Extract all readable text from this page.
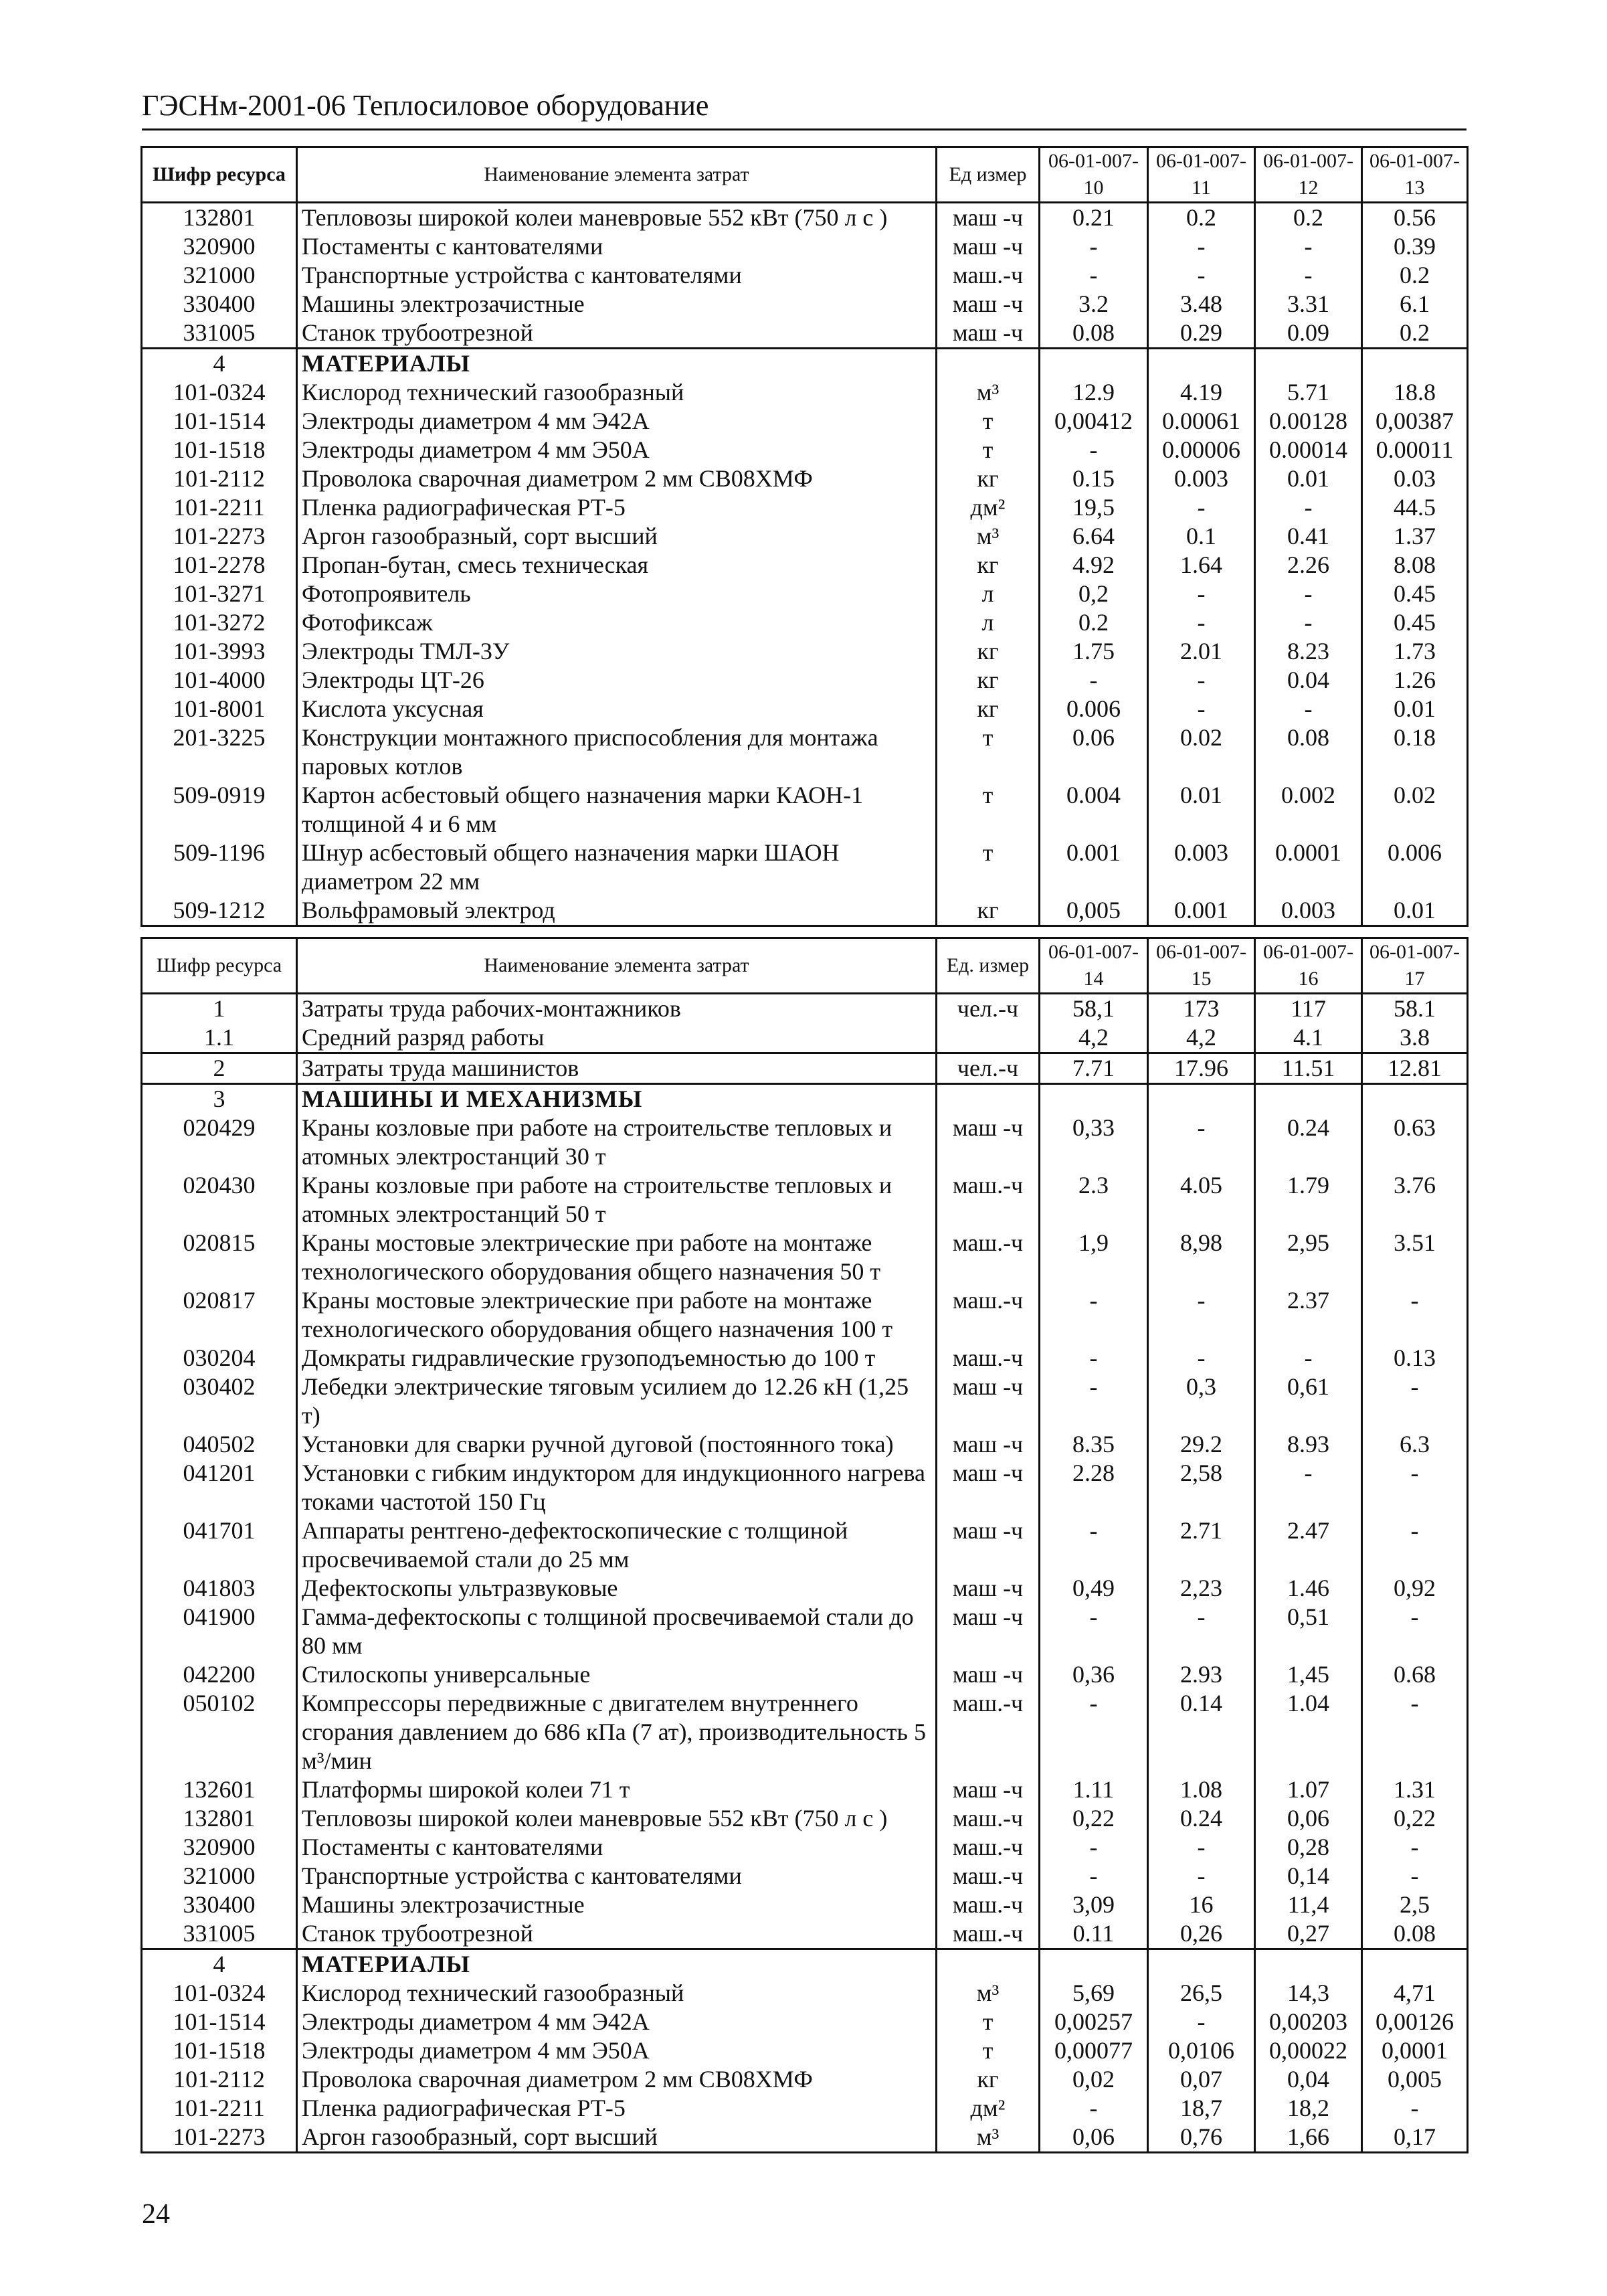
ГЭСНм-2001-06 Теплосиловое оборудование
Шифр ресурса	Наименование элемента затрат	Ед измер	06-01-007-10	06-01-007-11	06-01-007-12	06-01-007-13
132801	Тепловозы широкой колеи маневровые 552 кВт (750 л с )	маш -ч	0.21	0.2	0.2	0.56
320900	Постаменты с кантователями	маш -ч	-	-	-	0.39
321000	Транспортные устройства с кантователями	маш.-ч	-	-	-	0.2
330400	Машины электрозачистные	маш -ч	3.2	3.48	3.31	6.1
331005	Станок трубоотрезной	маш -ч	0.08	0.29	0.09	0.2
4	МАТЕРИАЛЫ					
101-0324	Кислород технический газообразный	м³	12.9	4.19	5.71	18.8
101-1514	Электроды диаметром 4 мм Э42А	т	0,00412	0.00061	0.00128	0,00387
101-1518	Электроды диаметром 4 мм Э50А	т	-	0.00006	0.00014	0.00011
101-2112	Проволока сварочная диаметром 2 мм СВ08ХМФ	кг	0.15	0.003	0.01	0.03
101-2211	Пленка радиографическая РТ-5	дм²	19,5	-	-	44.5
101-2273	Аргон газообразный, сорт высший	м³	6.64	0.1	0.41	1.37
101-2278	Пропан-бутан, смесь техническая	кг	4.92	1.64	2.26	8.08
101-3271	Фотопроявитель	л	0,2	-	-	0.45
101-3272	Фотофиксаж	л	0.2	-	-	0.45
101-3993	Электроды ТМЛ-3У	кг	1.75	2.01	8.23	1.73
101-4000	Электроды ЦТ-26	кг	-	-	0.04	1.26
101-8001	Кислота уксусная	кг	0.006	-	-	0.01
201-3225	Конструкции монтажного приспособления для монтажа паровых котлов	т	0.06	0.02	0.08	0.18
509-0919	Картон асбестовый общего назначения марки КАОН-1 толщиной 4 и 6 мм	т	0.004	0.01	0.002	0.02
509-1196	Шнур асбестовый общего назначения марки ШАОН диаметром 22 мм	т	0.001	0.003	0.0001	0.006
509-1212	Вольфрамовый электрод	кг	0,005	0.001	0.003	0.01
Шифр ресурса	Наименование элемента затрат	Ед. измер	06-01-007-14	06-01-007-15	06-01-007-16	06-01-007-17
1	Затраты труда рабочих-монтажников	чел.-ч	58,1	173	117	58.1
1.1	Средний разряд работы		4,2	4,2	4.1	3.8
2	Затраты труда машинистов	чел.-ч	7.71	17.96	11.51	12.81
3	МАШИНЫ И МЕХАНИЗМЫ					
020429	Краны козловые при работе на строительстве тепловых и атомных электростанций 30 т	маш -ч	0,33	-	0.24	0.63
020430	Краны козловые при работе на строительстве тепловых и атомных электростанций 50 т	маш.-ч	2.3	4.05	1.79	3.76
020815	Краны мостовые электрические при работе на монтаже технологического оборудования общего назначения 50 т	маш.-ч	1,9	8,98	2,95	3.51
020817	Краны мостовые электрические при работе на монтаже технологического оборудования общего назначения 100 т	маш.-ч	-	-	2.37	-
030204	Домкраты гидравлические грузоподъемностью до 100 т	маш.-ч	-	-	-	0.13
030402	Лебедки электрические тяговым усилием до 12.26 кН (1,25 т)	маш -ч	-	0,3	0,61	-
040502	Установки для сварки ручной дуговой (постоянного тока)	маш -ч	8.35	29.2	8.93	6.3
041201	Установки с гибким индуктором для индукционного нагрева токами частотой 150 Гц	маш -ч	2.28	2,58	-	-
041701	Аппараты рентгено-дефектоскопические с толщиной просвечиваемой стали до 25 мм	маш -ч	-	2.71	2.47	-
041803	Дефектоскопы ультразвуковые	маш -ч	0,49	2,23	1.46	0,92
041900	Гамма-дефектоскопы с толщиной просвечиваемой стали до 80 мм	маш -ч	-	-	0,51	-
042200	Стилоскопы универсальные	маш -ч	0,36	2.93	1,45	0.68
050102	Компрессоры передвижные с двигателем внутреннего сгорания давлением до 686 кПа (7 ат), производительность 5 м³/мин	маш.-ч	-	0.14	1.04	-
132601	Платформы широкой колеи 71 т	маш -ч	1.11	1.08	1.07	1.31
132801	Тепловозы широкой колеи маневровые 552 кВт (750 л с )	маш.-ч	0,22	0.24	0,06	0,22
320900	Постаменты с кантователями	маш.-ч	-	-	0,28	-
321000	Транспортные устройства с кантователями	маш.-ч	-	-	0,14	-
330400	Машины электрозачистные	маш.-ч	3,09	16	11,4	2,5
331005	Станок трубоотрезной	маш.-ч	0.11	0,26	0,27	0.08
4	МАТЕРИАЛЫ					
101-0324	Кислород технический газообразный	м³	5,69	26,5	14,3	4,71
101-1514	Электроды диаметром 4 мм Э42А	т	0,00257	-	0,00203	0,00126
101-1518	Электроды диаметром 4 мм Э50А	т	0,00077	0,0106	0,00022	0,0001
101-2112	Проволока сварочная диаметром 2 мм СВ08ХМФ	кг	0,02	0,07	0,04	0,005
101-2211	Пленка радиографическая РТ-5	дм²	-	18,7	18,2	-
101-2273	Аргон газообразный, сорт высший	м³	0,06	0,76	1,66	0,17
24
